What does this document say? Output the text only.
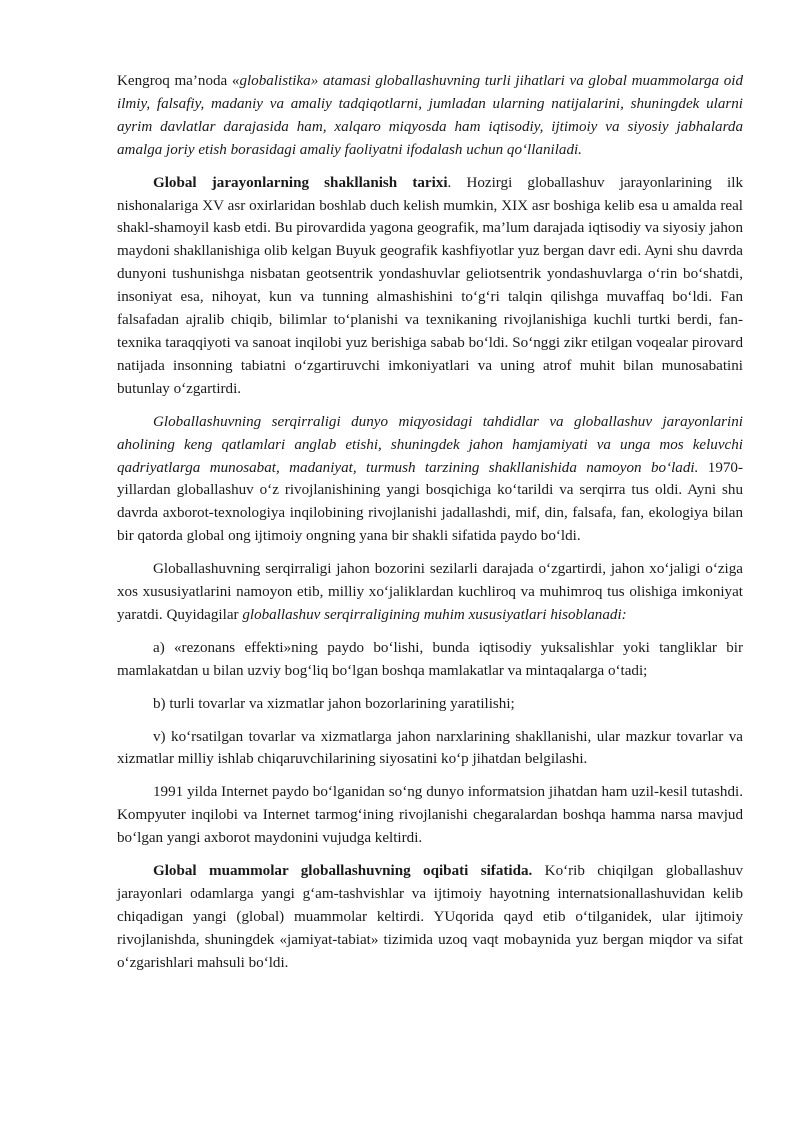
Kengroq ma’noda «globalistika» atamasi globallashuvning turli jihatlari va global muammolarga oid ilmiy, falsafiy, madaniy va amaliy tadqiqotlarni, jumladan ularning natijalarini, shuningdek ularni ayrim davlatlar darajasida ham, xalqaro miqyosda ham iqtisodiy, ijtimoiy va siyosiy jabhalarda amalga joriy etish borasidagi amaliy faoliyatni ifodalash uchun qo‘llaniladi.

Global jarayonlarning shakllanish tarixi. Hozirgi globallashuv jarayonlarining ilk nishonalariga XV asr oxirlaridan boshlab duch kelish mumkin, XIX asr boshiga kelib esa u amalda real shakl-shamoyil kasb etdi. Bu pirovardida yagona geografik, ma’lum darajada iqtisodiy va siyosiy jahon maydoni shakllanishiga olib kelgan Buyuk geografik kashfiyotlar yuz bergan davr edi. Ayni shu davrda dunyoni tushunishga nisbatan geotsentrik yondashuvlar geliotsentrik yondashuvlarga o‘rin bo‘shatdi, insoniyat esa, nihoyat, kun va tunning almashishini to‘g‘ri talqin qilishga muvaffaq bo‘ldi. Fan falsafadan ajralib chiqib, bilimlar to‘planishi va texnikaning rivojlanishiga kuchli turtki berdi, fan-texnika taraqqiyoti va sanoat inqilobi yuz berishiga sabab bo‘ldi. So‘nggi zikr etilgan voqealar pirovard natijada insonning tabiatni o‘zgartiruvchi imkoniyatlari va uning atrof muhit bilan munosabatini butunlay o‘zgartirdi.

Globallashuvning serqirraligi dunyo miqyosidagi tahdidlar va globallashuv jarayonlarini aholining keng qatlamlari anglab etishi, shuningdek jahon hamjamiyati va unga mos keluvchi qadriyatlarga munosabat, madaniyat, turmush tarzining shakllanishida namoyon bo‘ladi. 1970-yillardan globallashuv o‘z rivojlanishining yangi bosqichiga ko‘tarildi va serqirra tus oldi. Ayni shu davrda axborot-texnologiya inqilobining rivojlanishi jadallashdi, mif, din, falsafa, fan, ekologiya bilan bir qatorda global ong ijtimoiy ongning yana bir shakli sifatida paydo bo‘ldi.

Globallashuvning serqirraligi jahon bozorini sezilarli darajada o‘zgartirdi, jahon xo‘jaligi o‘ziga xos xususiyatlarini namoyon etib, milliy xo‘jaliklardan kuchliroq va muhimroq tus olishiga imkoniyat yaratdi. Quyidagilar globallashuv serqirraligining muhim xususiyatlari hisoblanadi:

a) «rezonans effekti»ning paydo bo‘lishi, bunda iqtisodiy yuksalishlar yoki tangliklar bir mamlakatdan u bilan uzviy bog‘liq bo‘lgan boshqa mamlakatlar va mintaqalarga o‘tadi;

b) turli tovarlar va xizmatlar jahon bozorlarining yaratilishi;

v) ko‘rsatilgan tovarlar va xizmatlarga jahon narxlarining shakllanishi, ular mazkur tovarlar va xizmatlar milliy ishlab chiqaruvchilarining siyosatini ko‘p jihatdan belgilashi.

1991 yilda Internet paydo bo‘lganidan so‘ng dunyo informatsion jihatdan ham uzil-kesil tutashdi. Kompyuter inqilobi va Internet tarmog‘ining rivojlanishi chegaralardan boshqa hamma narsa mavjud bo‘lgan yangi axborot maydonini vujudga keltirdi.

Global muammolar globallashuvning oqibati sifatida. Ko‘rib chiqilgan globallashuv jarayonlari odamlarga yangi g‘am-tashvishlar va ijtimoiy hayotning internatsionallashuvidan kelib chiqadigan yangi (global) muammolar keltirdi. YUqorida qayd etib o‘tilganidek, ular ijtimoiy rivojlanishda, shuningdek «jamiyat-tabiat» tizimida uzoq vaqt mobaynida yuz bergan miqdor va sifat o‘zgarishlari mahsuli bo‘ldi.
